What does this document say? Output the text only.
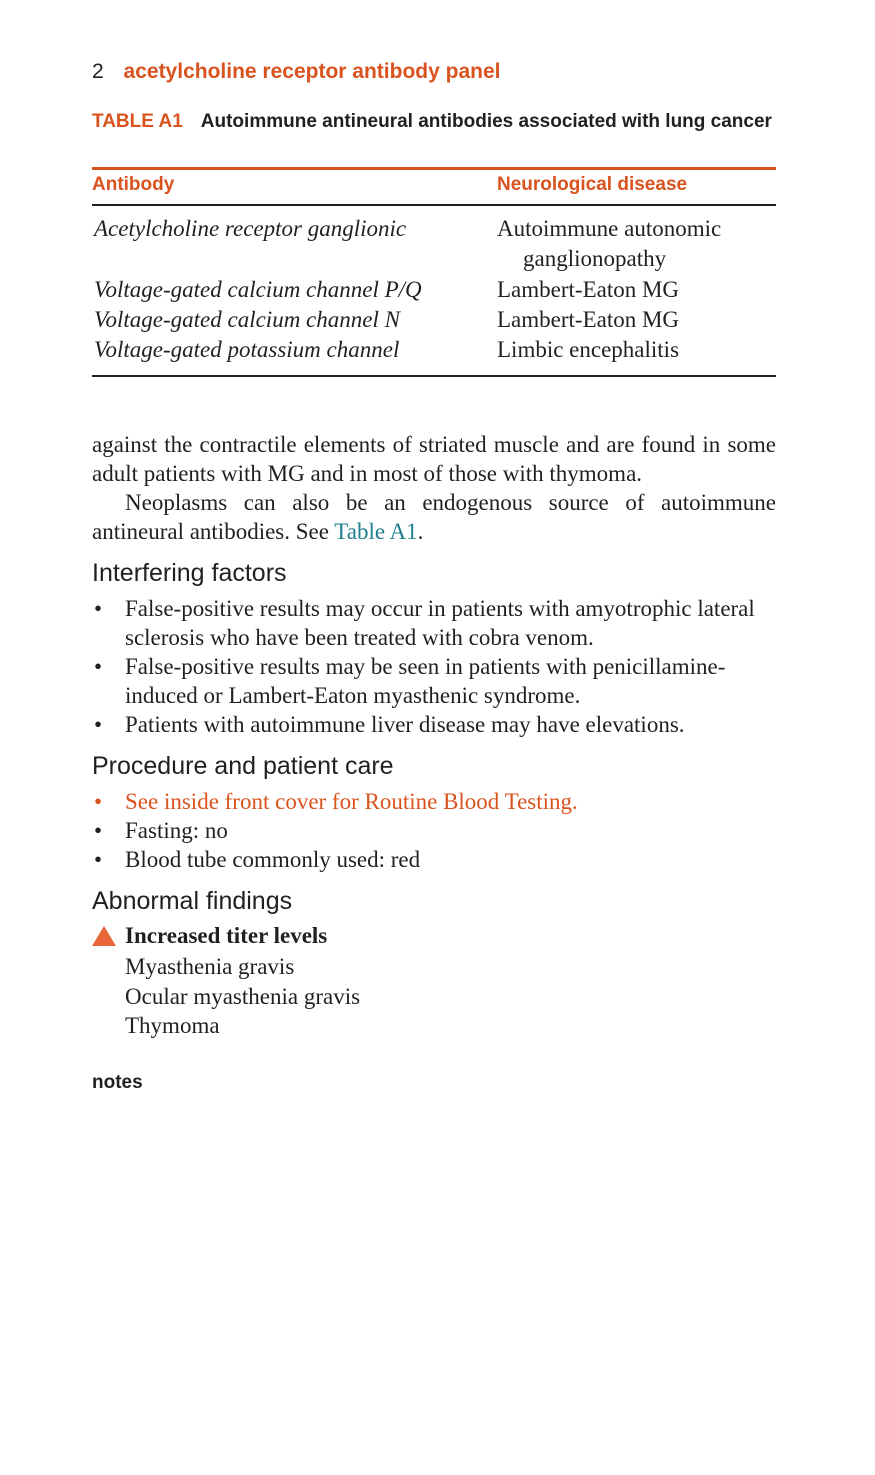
2 acetylcholine receptor antibody panel
TABLE A1 Autoimmune antineural antibodies associated with lung cancer
Antibody	Neurological disease
Acetylcholine receptor ganglionic	Autoimmune autonomic
ganglionopathy
Voltage-gated calcium channel P/Q	Lambert-Eaton MG
Voltage-gated calcium channel N	Lambert-Eaton MG
Voltage-gated potassium channel	Limbic encephalitis
against the contractile elements of striated muscle and are found in some adult patients with MG and in most of those with thymoma.
Neoplasms can also be an endogenous source of autoimmune antineural antibodies. See Table A1.
Interfering factors
• False-positive results may occur in patients with amyotrophic lateral sclerosis who have been treated with cobra venom.
• False-positive results may be seen in patients with penicillamine-induced or Lambert-Eaton myasthenic syndrome.
• Patients with autoimmune liver disease may have elevations.
Procedure and patient care
• See inside front cover for Routine Blood Testing.
• Fasting: no
• Blood tube commonly used: red
Abnormal findings
Increased titer levels
Myasthenia gravis
Ocular myasthenia gravis
Thymoma
notes
